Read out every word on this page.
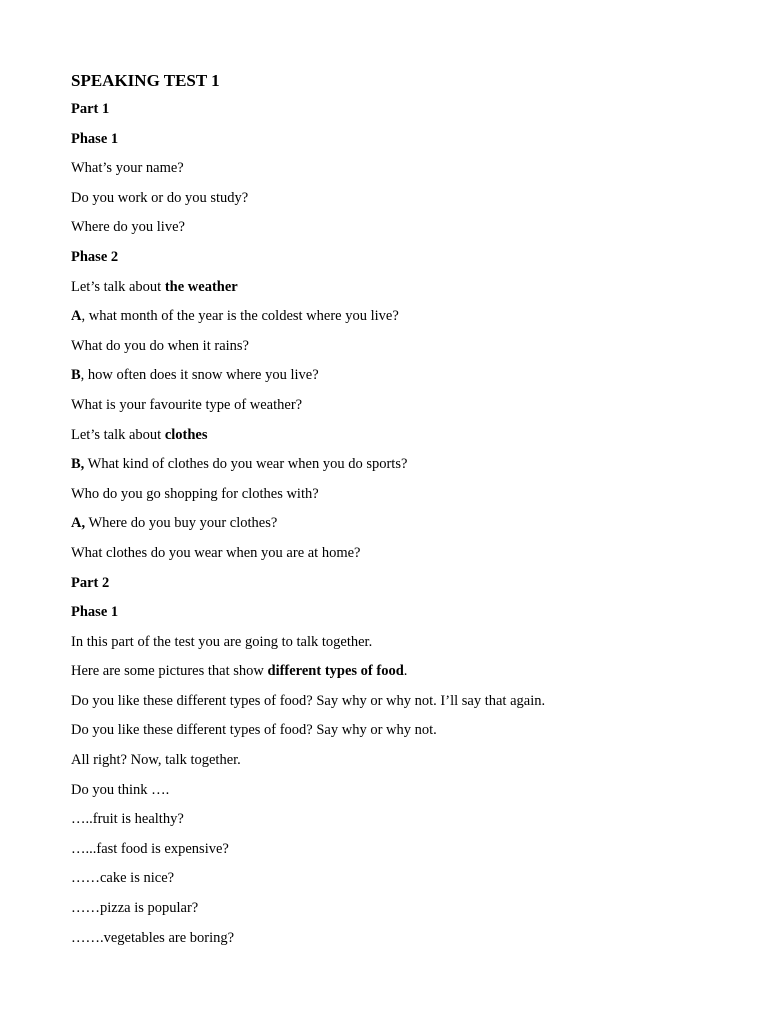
SPEAKING TEST 1
Part 1
Phase 1
What’s your name?
Do you work or do you study?
Where do you live?
Phase 2
Let’s talk about the weather
A, what month of the year is the coldest where you live?
What do you do when it rains?
B, how often does it snow where you live?
What is your favourite type of weather?
Let’s talk about clothes
B, What kind of clothes do you wear when you do sports?
Who do you go shopping for clothes with?
A, Where do you buy your clothes?
What clothes do you wear when you are at home?
Part 2
Phase 1
In this part of the test you are going to talk together.
Here are some pictures that show different types of food.
Do you like these different types of food? Say why or why not. I’ll say that again.
Do you like these different types of food? Say why or why not.
All right? Now, talk together.
Do you think ….
…..fruit is healthy?
…...fast food is expensive?
……cake is nice?
……pizza is popular?
…….vegetables are boring?
